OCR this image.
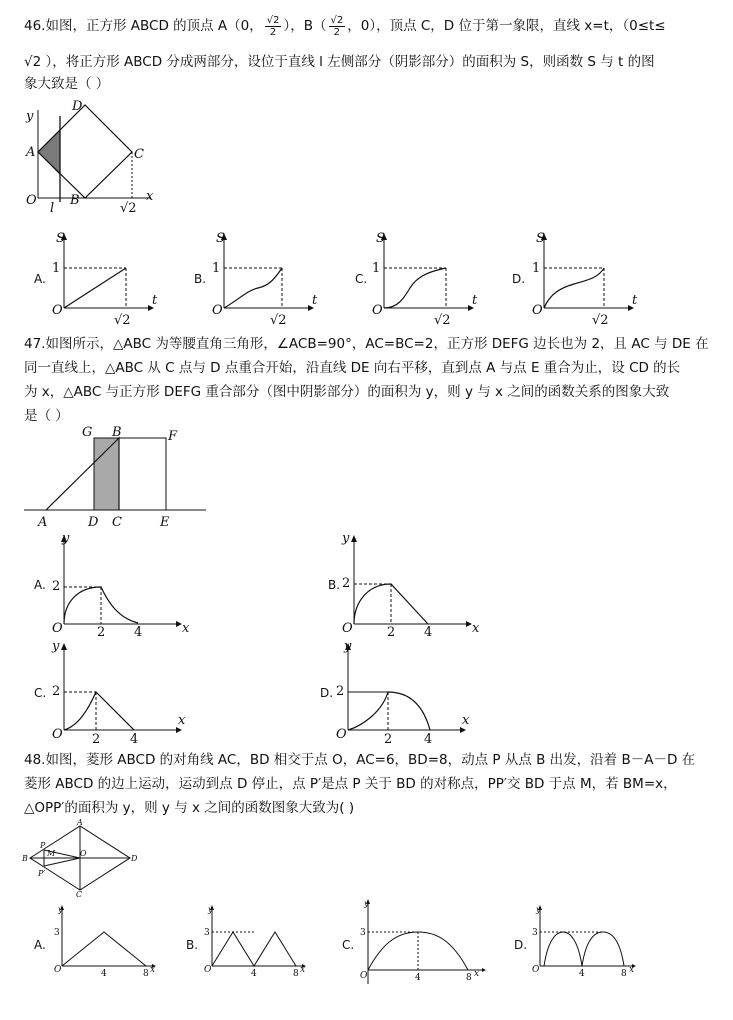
46.如图，正方形 ABCD 的顶点 A（0， $\frac{√2}{2}$ ），$B( \frac{√2}{2}$ ，0），顶点 C，D 位于第一象限，直线 x=t，（0≤t≤
√2 ），将正方形 ABCD 分成两部分，设位于直线 l 左侧部分（阴影部分）的面积为 S，则函数 S 与 t 的图
象大致是（ ）
y
A
D
C
O
l
B
√2
x
A.
S
1
O
√2
t
B.
S
1
O
√2
t
C.
S
1
O
√2
t
D.
S
1
O
√2
t
47.如图所示，△ABC 为等腰直角三角形，∠ACB=90°，AC=BC=2，正方形 DEFG 边长也为 2，且 AC 与 DE 在
同一直线上，△ABC 从 C 点与 D 点重合开始，沿直线 DE 向右平移，直到点 A 与点 E 重合为止，设 CD 的长
为 x，△ABC 与正方形 DEFG 重合部分（图中阴影部分）的面积为 y，则 y 与 x 之间的函数关系的图象大致
是（ ）
G B	F
A	D C	E
A.
y
2
O	2 4	x
B.
y
2
O	2 4	x
C.
y
2
O 2 4
x
D.
y
2
O	2 4
x
48.如图，菱形 ABCD 的对角线 AC，BD 相交于点 O，AC=6，BD=8，动点 P 从点 B 出发，沿着 B－A－D 在
菱形 ABCD 的边上运动，运动到点 D 停止，点 P′是点 P 关于 BD 的对称点，PP′交 BD 于点 M，若 BM=x，
△OPP′的面积为 y，则 y 与 x 之间的函数图象大致为( )
A
P
M	O
B	D
P′
C
A.
y
3
O	4	8 x
B.
y
3
O	4	8 x
C.
y
3
O	4	8 x
D.
y
3
O	4	8 x
